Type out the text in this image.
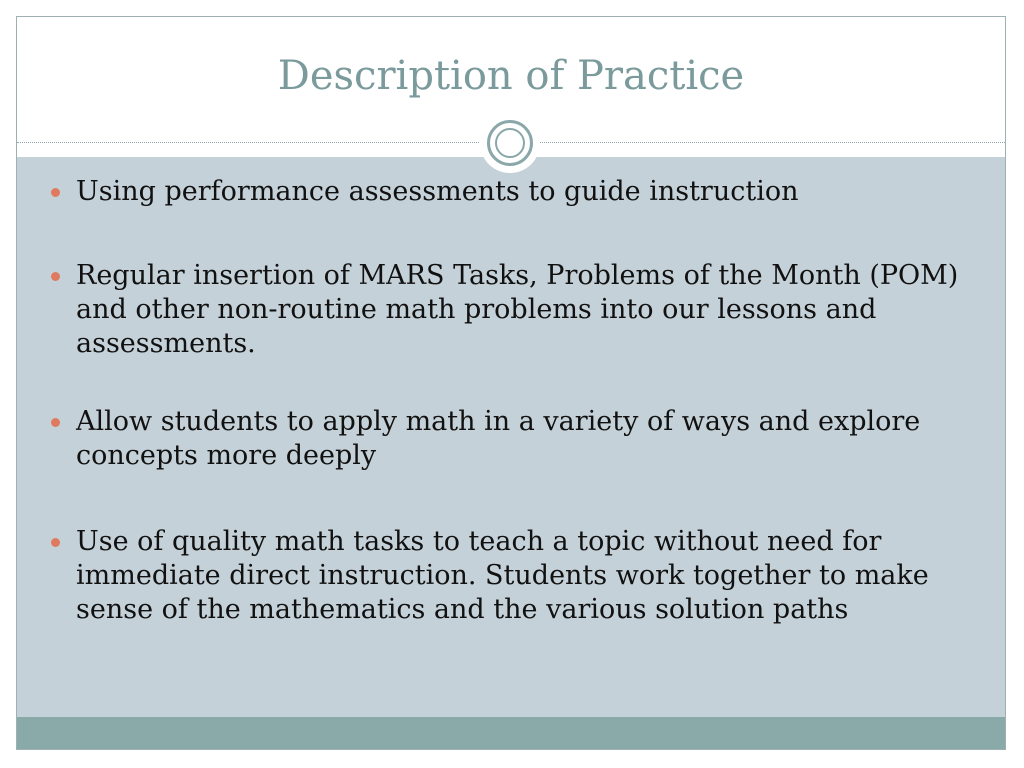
Description of Practice
Using performance assessments to guide instruction
Regular insertion of MARS Tasks, Problems of the Month (POM) and other non-routine math problems into our lessons and assessments.
Allow students to apply math in a variety of ways and explore concepts more deeply
Use of quality math tasks to teach a topic without need for immediate direct instruction. Students work together to make sense of the mathematics and the various solution paths
